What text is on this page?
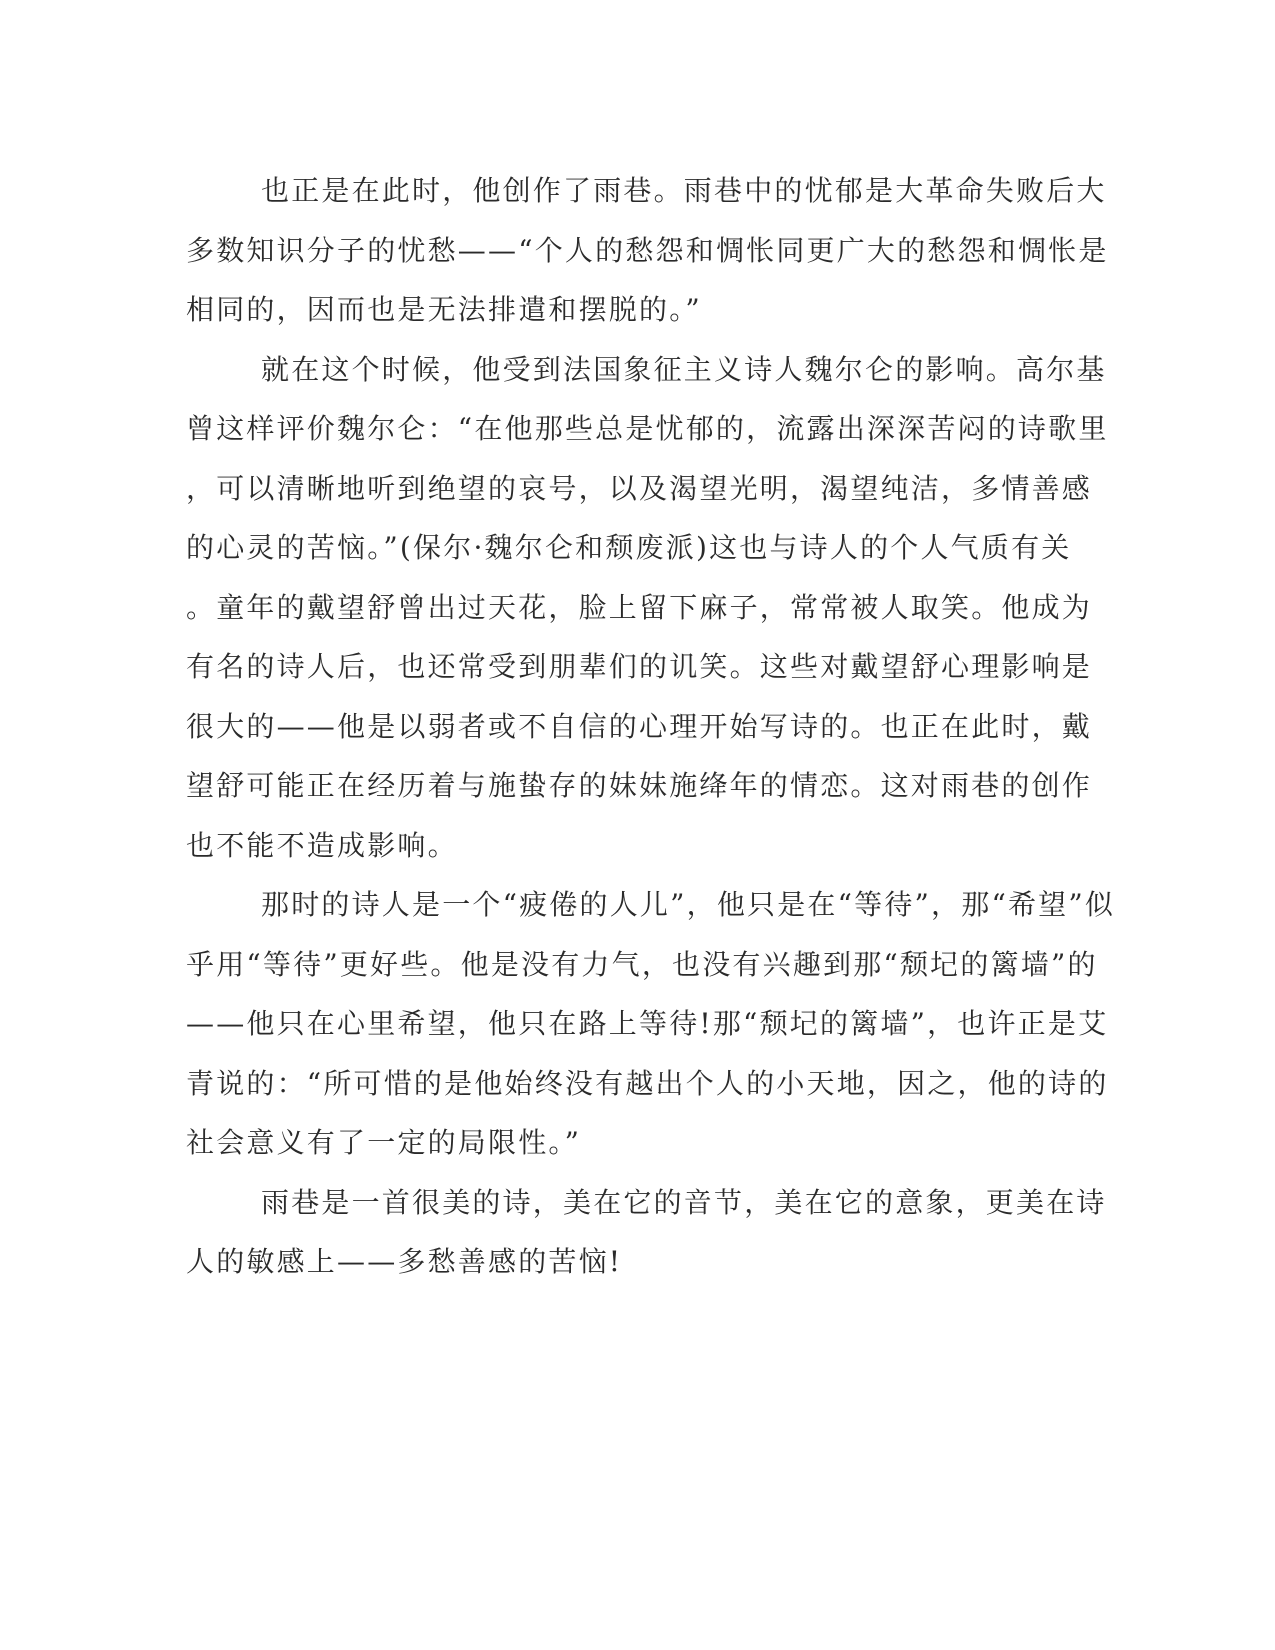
也正是在此时，他创作了雨巷。雨巷中的忧郁是大革命失败后大
多数知识分子的忧愁——“个人的愁怨和惆怅同更广大的愁怨和惆怅是
相同的，因而也是无法排遣和摆脱的。”
就在这个时候，他受到法国象征主义诗人魏尔仑的影响。高尔基
曾这样评价魏尔仑：“在他那些总是忧郁的，流露出深深苦闷的诗歌里
，可以清晰地听到绝望的哀号，以及渴望光明，渴望纯洁，多情善感
的心灵的苦恼。”(保尔·魏尔仑和颓废派)这也与诗人的个人气质有关
。童年的戴望舒曾出过天花，脸上留下麻子，常常被人取笑。他成为
有名的诗人后，也还常受到朋辈们的讥笑。这些对戴望舒心理影响是
很大的——他是以弱者或不自信的心理开始写诗的。也正在此时，戴
望舒可能正在经历着与施蛰存的妹妹施绛年的情恋。这对雨巷的创作
也不能不造成影响。
那时的诗人是一个“疲倦的人儿”，他只是在“等待”，那“希望”似
乎用“等待”更好些。他是没有力气，也没有兴趣到那“颓圮的篱墙”的
——他只在心里希望，他只在路上等待!那“颓圮的篱墙”，也许正是艾
青说的：“所可惜的是他始终没有越出个人的小天地，因之，他的诗的
社会意义有了一定的局限性。”
雨巷是一首很美的诗，美在它的音节，美在它的意象，更美在诗
人的敏感上——多愁善感的苦恼!
